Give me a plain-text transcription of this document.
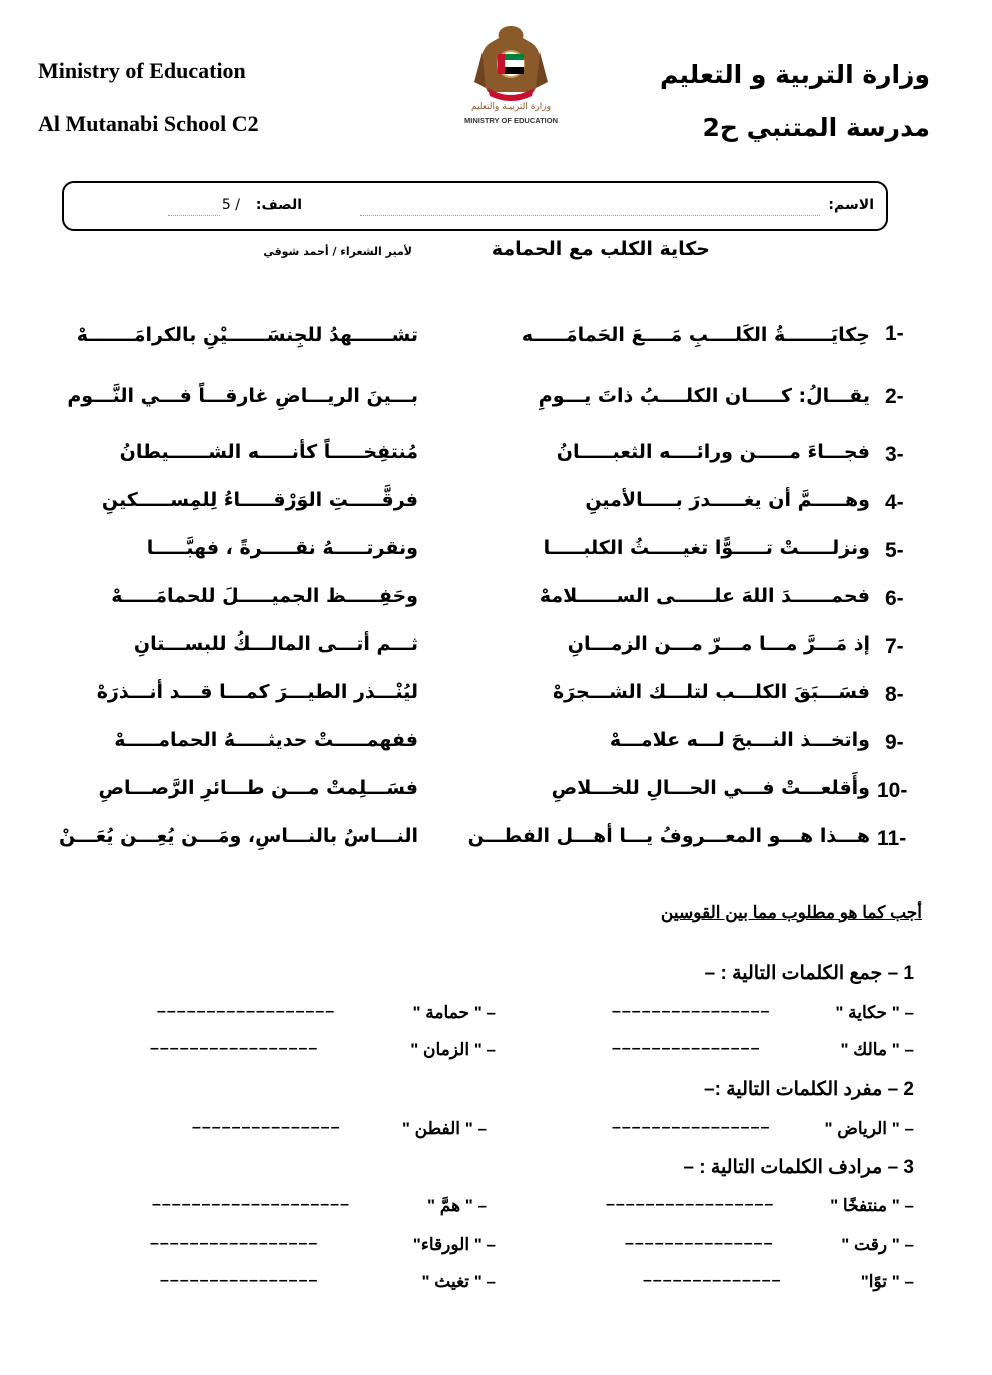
Ministry of Education
Al Mutanabi School C2
وزارة التربية و التعليم
مدرسة المتنبي ح2
وزارة التربيـة والتعليم
MINISTRY OF EDUCATION
الاسم:
الصف:
5 /
حكاية الكلب مع الحمامة
لأمير الشعراء / أحمد شوقي
1-
حِكايَـــــــةُ الكَلــــبِ مَــــعَ الحَمامَـــــه
تشــــــهدُ للجِنسَــــــيْنِ بالكرامَـــــــهْ
2-
يقـــالُ: كـــــان الكلــــبُ ذاتَ يـــومِ
بـــينَ الريـــاضِ غارقـــاً فـــي النَّـــوم
3-
فجـــاءَ مـــــن ورائــــه الثعبـــــانُ
مُنتفِخـــــاً كأنـــــه الشــــــيطانُ
4-
وهـــــمَّ أن يغـــــدرَ بـــــالأمينِ
فرقَّـــــتِ الوَرْقـــــاءُ لِلمِســـــكينِ
5-
ونزلـــــتْ تـــــوًّا تغيـــــثُ الكلبـــــا
ونقرتـــــهُ نقـــــرةً ، فهبَّـــــا
6-
فحمــــــدَ اللهَ علــــــى الســــــلامهْ
وحَفِـــــظ الجميـــــلَ للحمامَـــــهْ
7-
إذ مَـــرَّ مـــا مـــرّ مـــن الزمـــانِ
ثـــم أتـــى المالـــكُ للبســـتانِ
8-
فسَـــبَقَ الكلـــب لتلـــك الشـــجرَهْ
ليُنْـــذر الطيـــرَ كمـــا قـــد أنـــذرَهْ
9-
واتخـــذ النـــبحَ لـــه علامـــهْ
ففهمـــــتْ حديثـــــهُ الحمامـــــهْ
10-
وأَقلعـــتْ فـــي الحـــالِ للخـــلاصِ
فسَـــلِمتْ مـــن طـــائرِ الرَّصـــاصِ
11-
هـــذا هـــو المعـــروفُ يـــا أهـــل الفطـــن
النـــاسُ بالنـــاسِ، ومَـــن يُعِـــن يُعَـــنْ
أجب كما هو مطلوب مما بين القوسين
1 – جمع الكلمات التالية : –
– " حكاية "
––––––––––––––––
– " حمامة "
––––––––––––––––––
– " مالك "
–––––––––––––––
– " الزمان "
–––––––––––––––––
2 – مفرد الكلمات التالية :–
– " الرياض "
––––––––––––––––
– " الفطن "
–––––––––––––––
3 – مرادف الكلمات التالية : –
– " منتفخًا "
–––––––––––––––––
– " همَّ "
––––––––––––––––––––
– " رقت "
–––––––––––––––
– " الورقاء"
–––––––––––––––––
– " توًا"
––––––––––––––
– " تغيث "
––––––––––––––––
